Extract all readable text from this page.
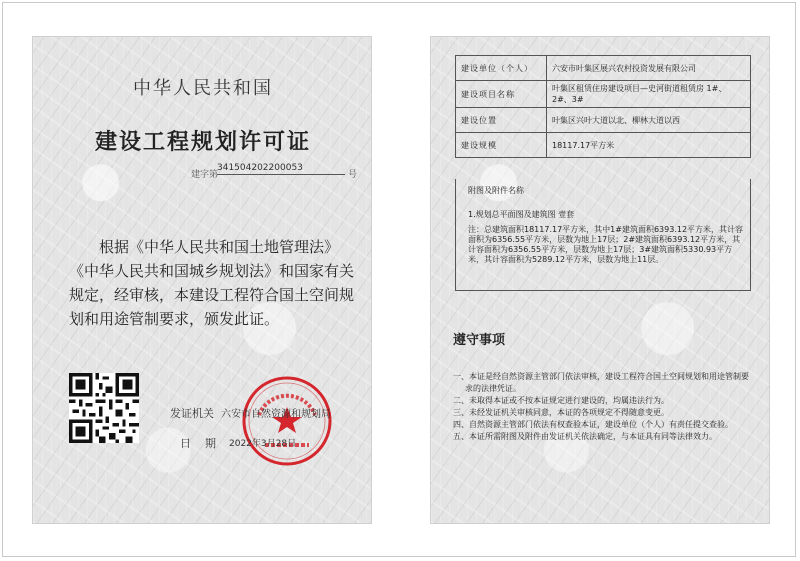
中华人民共和国
建设工程规划许可证
建字第
341504202200053
号
根据《中华人民共和国土地管理法》《中华人民共和国城乡规划法》和国家有关规定，经审核，本建设工程符合国土空间规划和用途管制要求，颁发此证。
发证机关 六安市自然资源和规划局
日期 2022年3月28日
建设单位（个人）	六安市叶集区展兴农村投资发展有限公司
建设项目名称	叶集区租赁住房建设项目—史河街道租赁房 1#、2#、3#
建设位置	叶集区兴叶大道以北、柳林大道以西
建设规模	18117.17平方米
附图及附件名称
1.规划总平面图及建筑图 壹套
注：总建筑面积18117.17平方米，其中1#建筑面积6393.12平方米，其计容面积为6356.55平方米，层数为地上17层；2#建筑面积6393.12平方米，其计容面积为6356.55平方米，层数为地上17层；3#建筑面积5330.93平方米，其计容面积为5289.12平方米，层数为地上11层。
遵守事项
一、本证是经自然资源主管部门依法审核，建设工程符合国土空间规划和用途管制要求的法律凭证。
二、未取得本证或不按本证规定进行建设的，均属违法行为。
三、未经发证机关审核同意，本证的各项规定不得随意变更。
四、自然资源主管部门依法有权查验本证，建设单位（个人）有责任提交查验。
五、本证所需附图及附件由发证机关依法确定，与本证具有同等法律效力。
